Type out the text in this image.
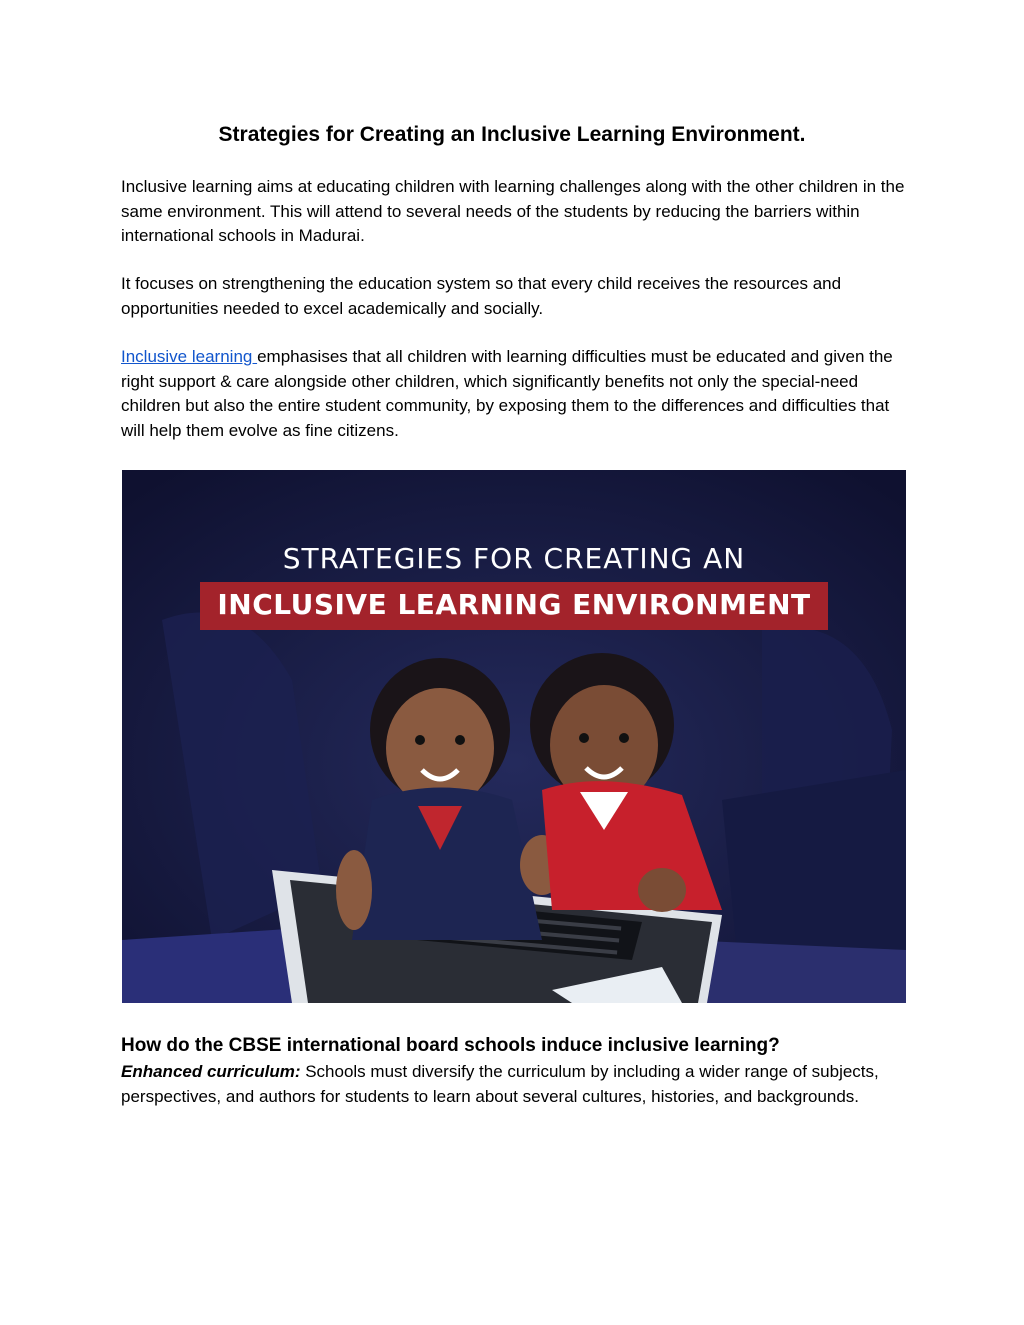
Strategies for Creating an Inclusive Learning Environment.

Inclusive learning aims at educating children with learning challenges along with the other children in the same environment. This will attend to several needs of the students by reducing the barriers within international schools in Madurai.

It focuses on strengthening the education system so that every child receives the resources and opportunities needed to excel academically and socially.

Inclusive learning emphasises that all children with learning difficulties must be educated and given the right support & care alongside other children, which significantly benefits not only the special-need children but also the entire student community, by exposing them to the differences and difficulties that will help them evolve as fine citizens.

STRATEGIES FOR CREATING AN
INCLUSIVE LEARNING ENVIRONMENT
How do the CBSE international board schools induce inclusive learning?

Enhanced curriculum: Schools must diversify the curriculum by including a wider range of subjects, perspectives, and authors for students to learn about several cultures, histories, and backgrounds.
